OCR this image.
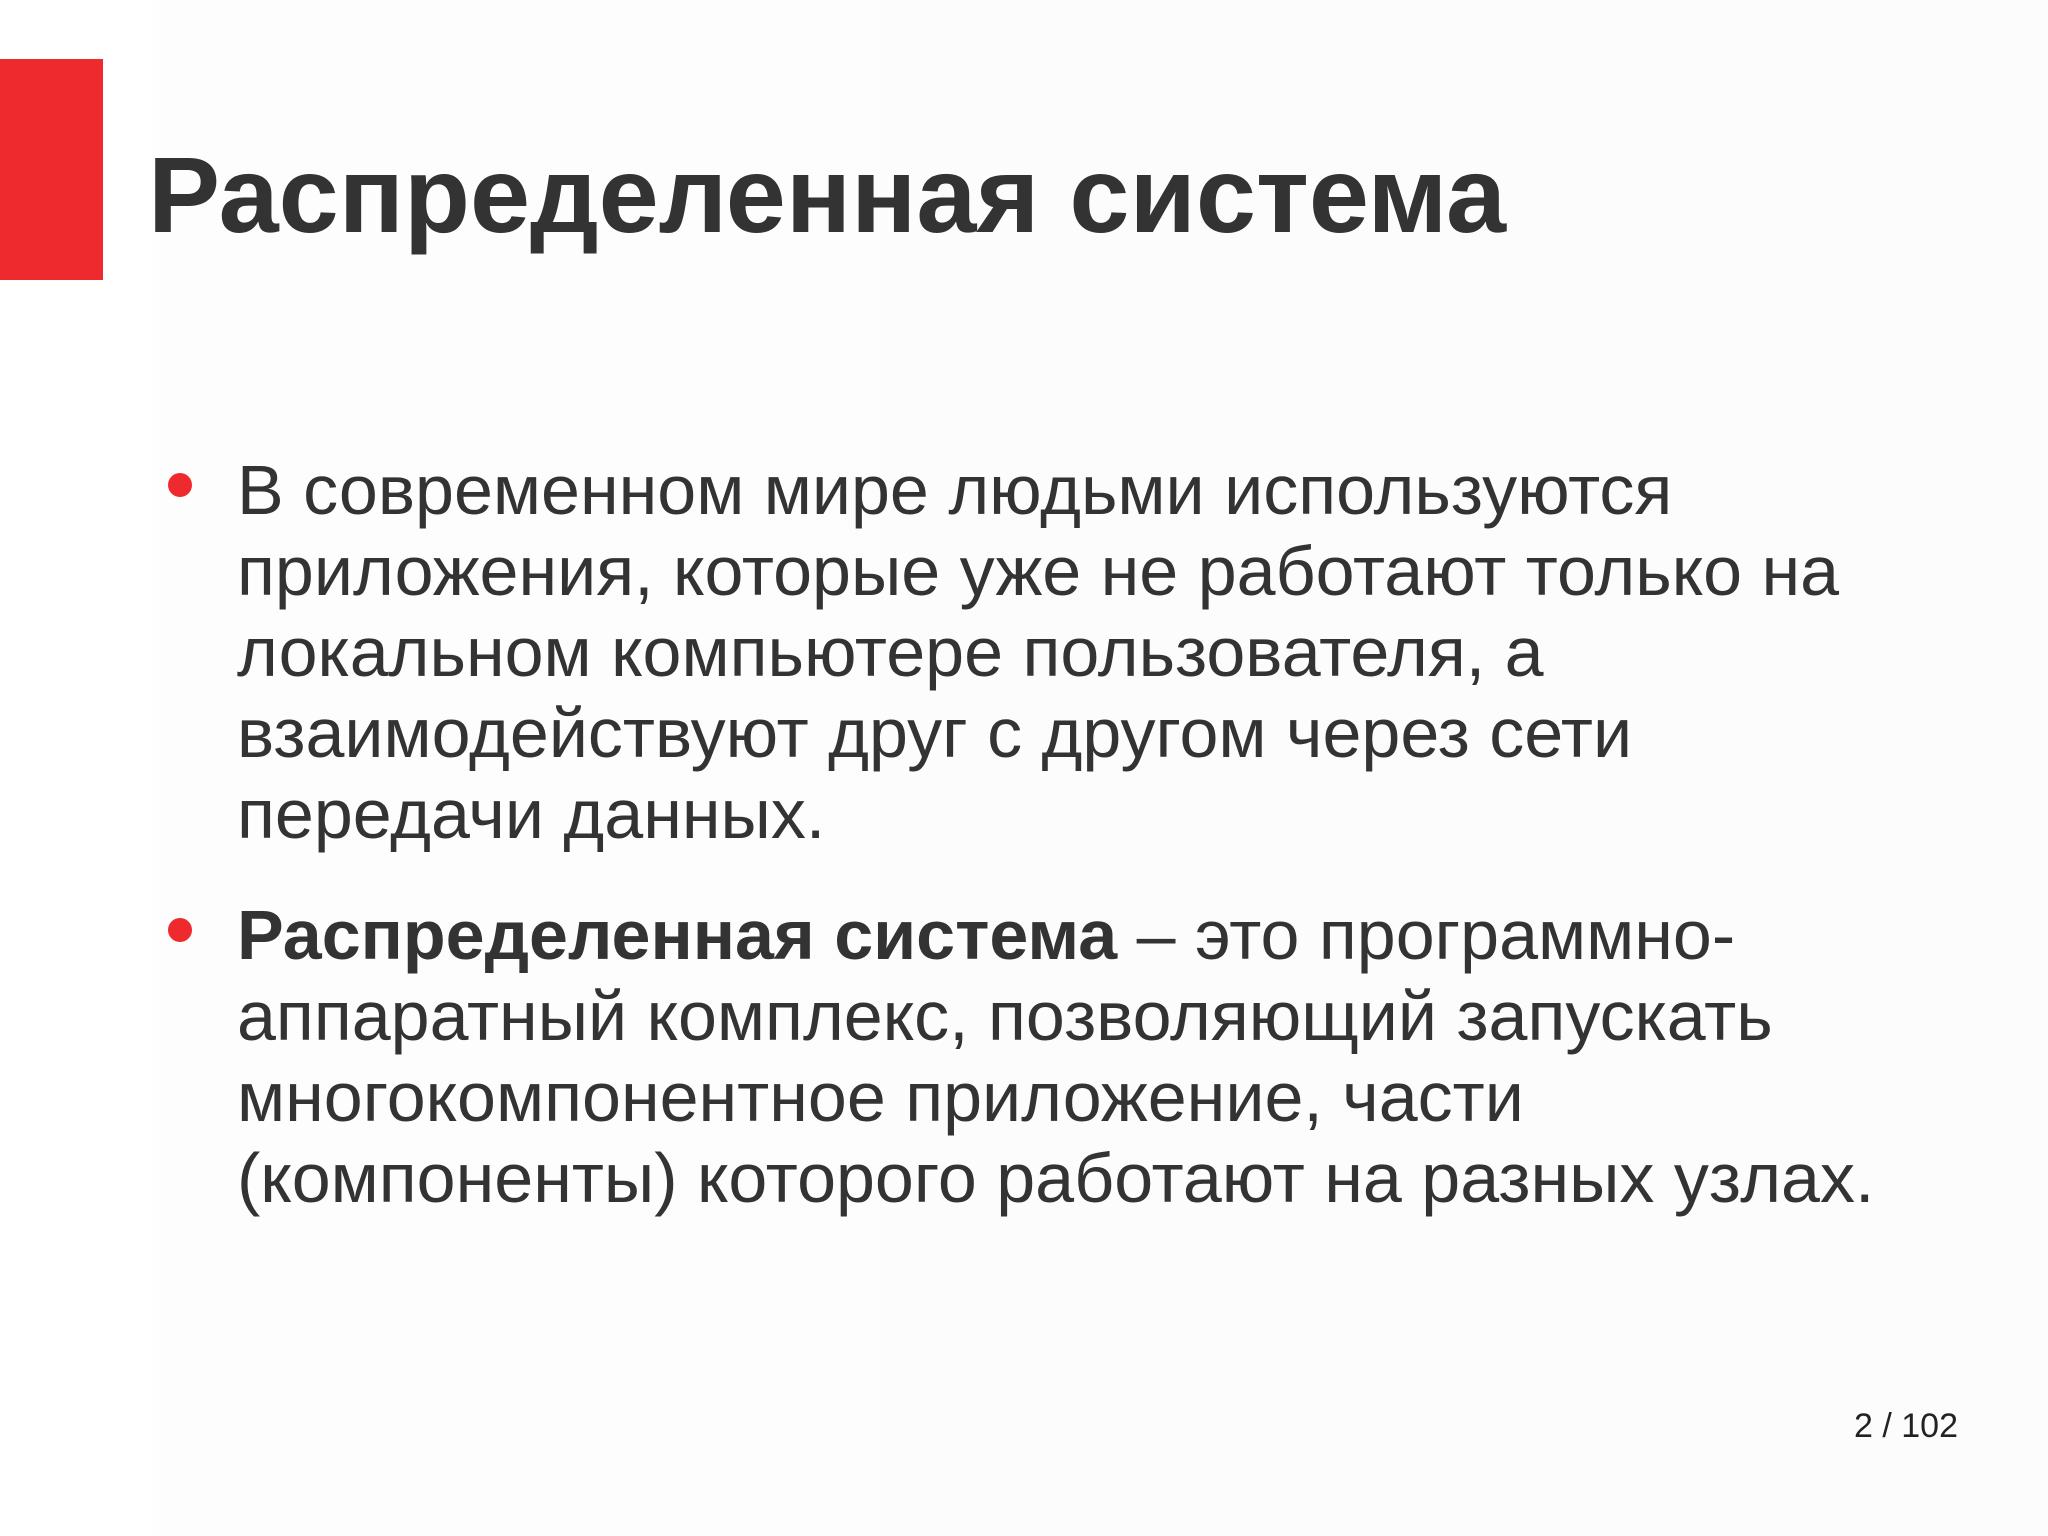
Распределенная система
В современном мире людьми используются приложения, которые уже не работают только на локальном компьютере пользователя, а взаимодействуют друг с другом через сети передачи данных.
Распределенная система – это программно-аппаратный комплекс, позволяющий запускать многокомпонентное приложение, части (компоненты) которого работают на разных узлах.
2 / 102
